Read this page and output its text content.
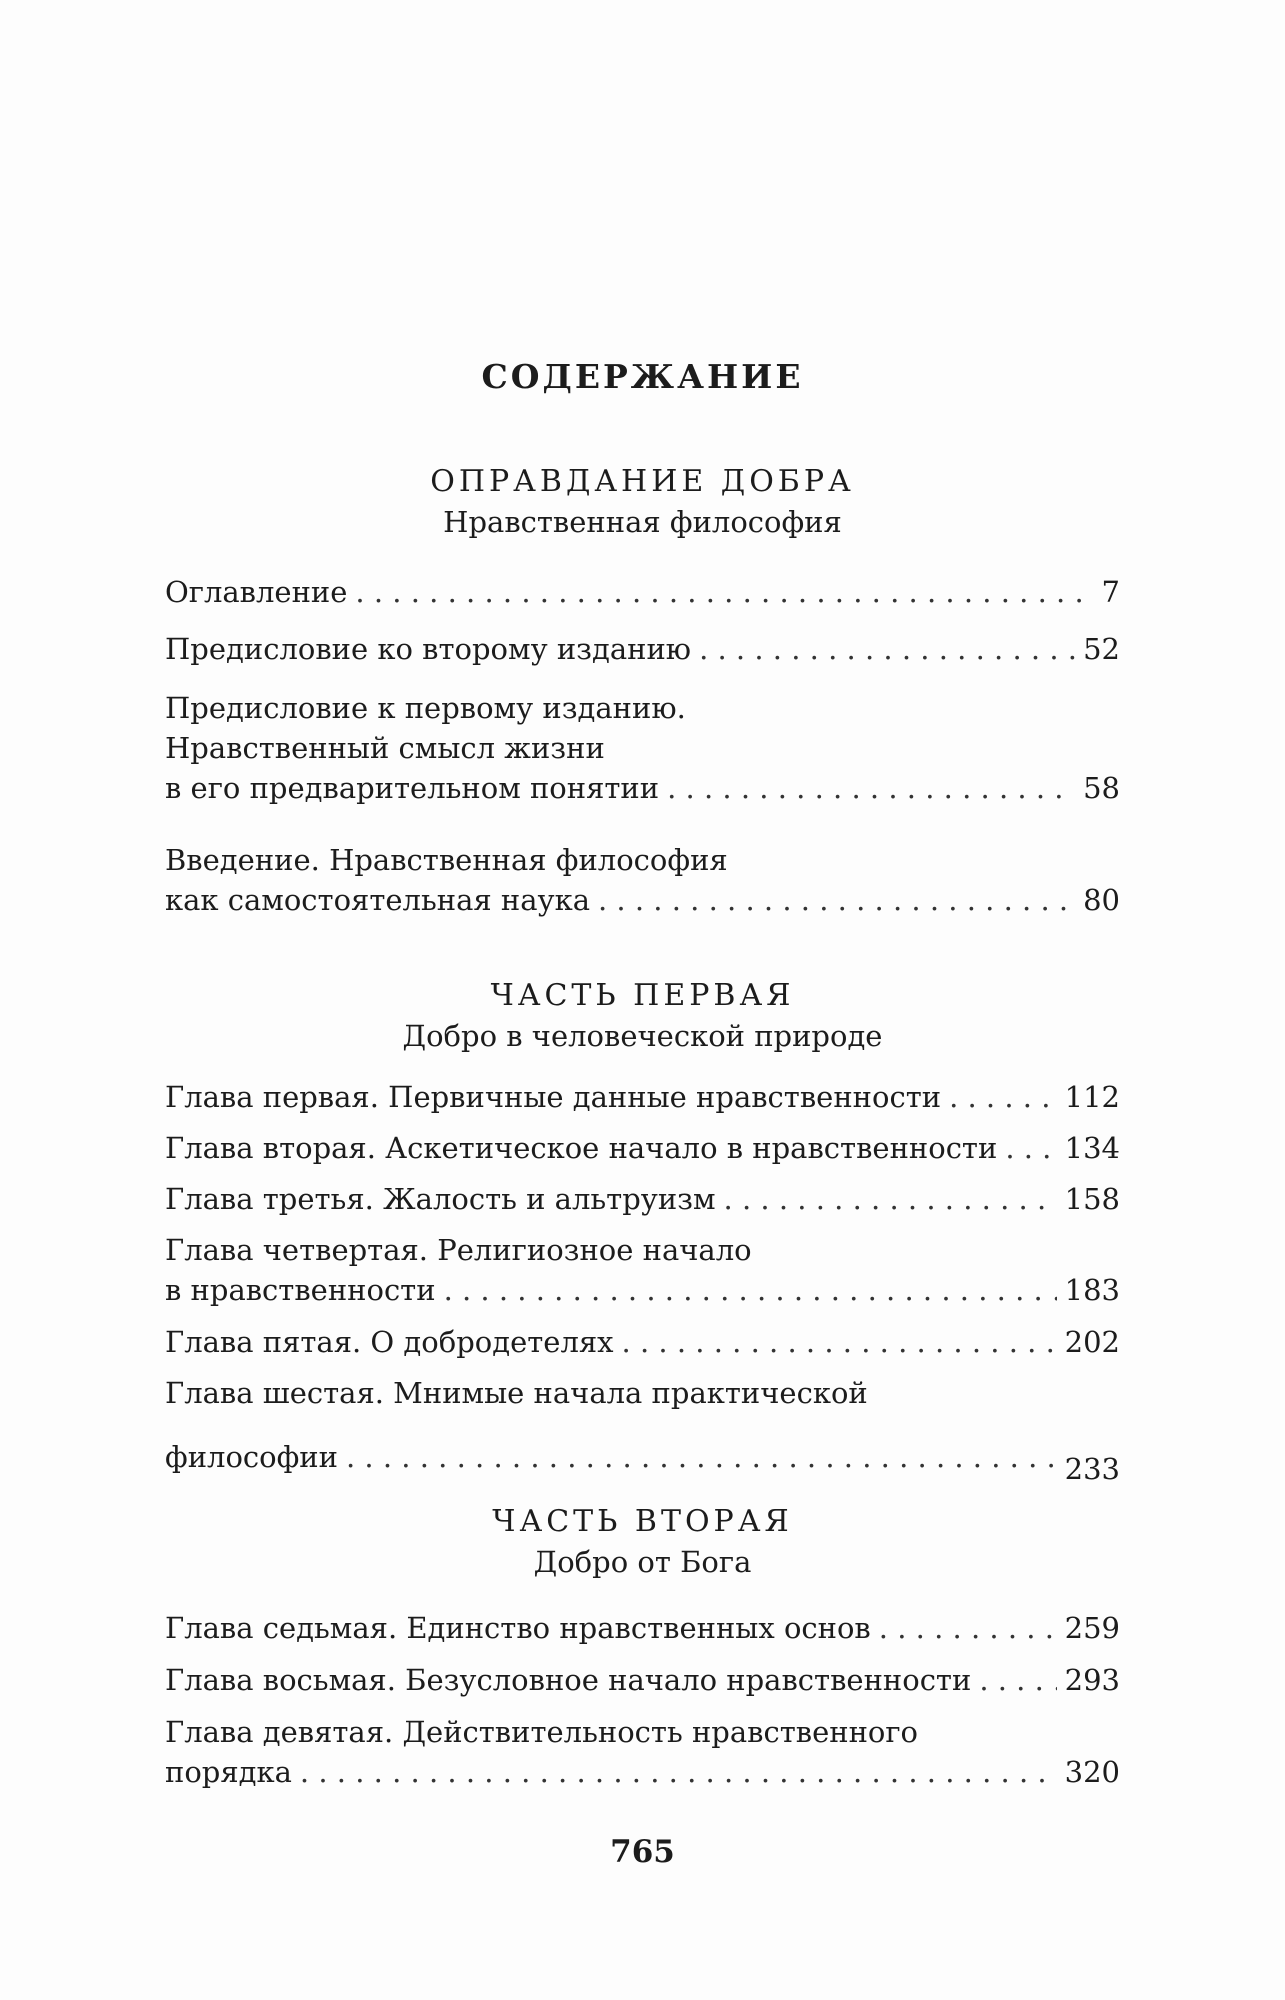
СОДЕРЖАНИЕ
ОПРАВДАНИЕ ДОБРА
Нравственная философия
Оглавление . . .	7
Предисловие ко второму изданию . . .	52
Предисловие к первому изданию.
Нравственный смысл жизни
в его предварительном понятии . . .	58
Введение. Нравственная философия
как самостоятельная наука . . .	80
ЧАСТЬ ПЕРВАЯ
Добро в человеческой природе
Глава первая. Первичные данные нравственности . . .	112
Глава вторая. Аскетическое начало в нравственности . . . 134
Глава третья. Жалость и альтруизм . . .	158
Глава четвертая. Религиозное начало
в нравственности . . .	183
Глава пятая. О добродетелях . . .	202
Глава шестая. Мнимые начала практической
философии . . .	233
ЧАСТЬ ВТОРАЯ
Добро от Бога
Глава седьмая. Единство нравственных основ . . .	259
Глава восьмая. Безусловное начало нравственности . . .	293
Глава девятая. Действительность нравственного
порядка . . .	320
765
